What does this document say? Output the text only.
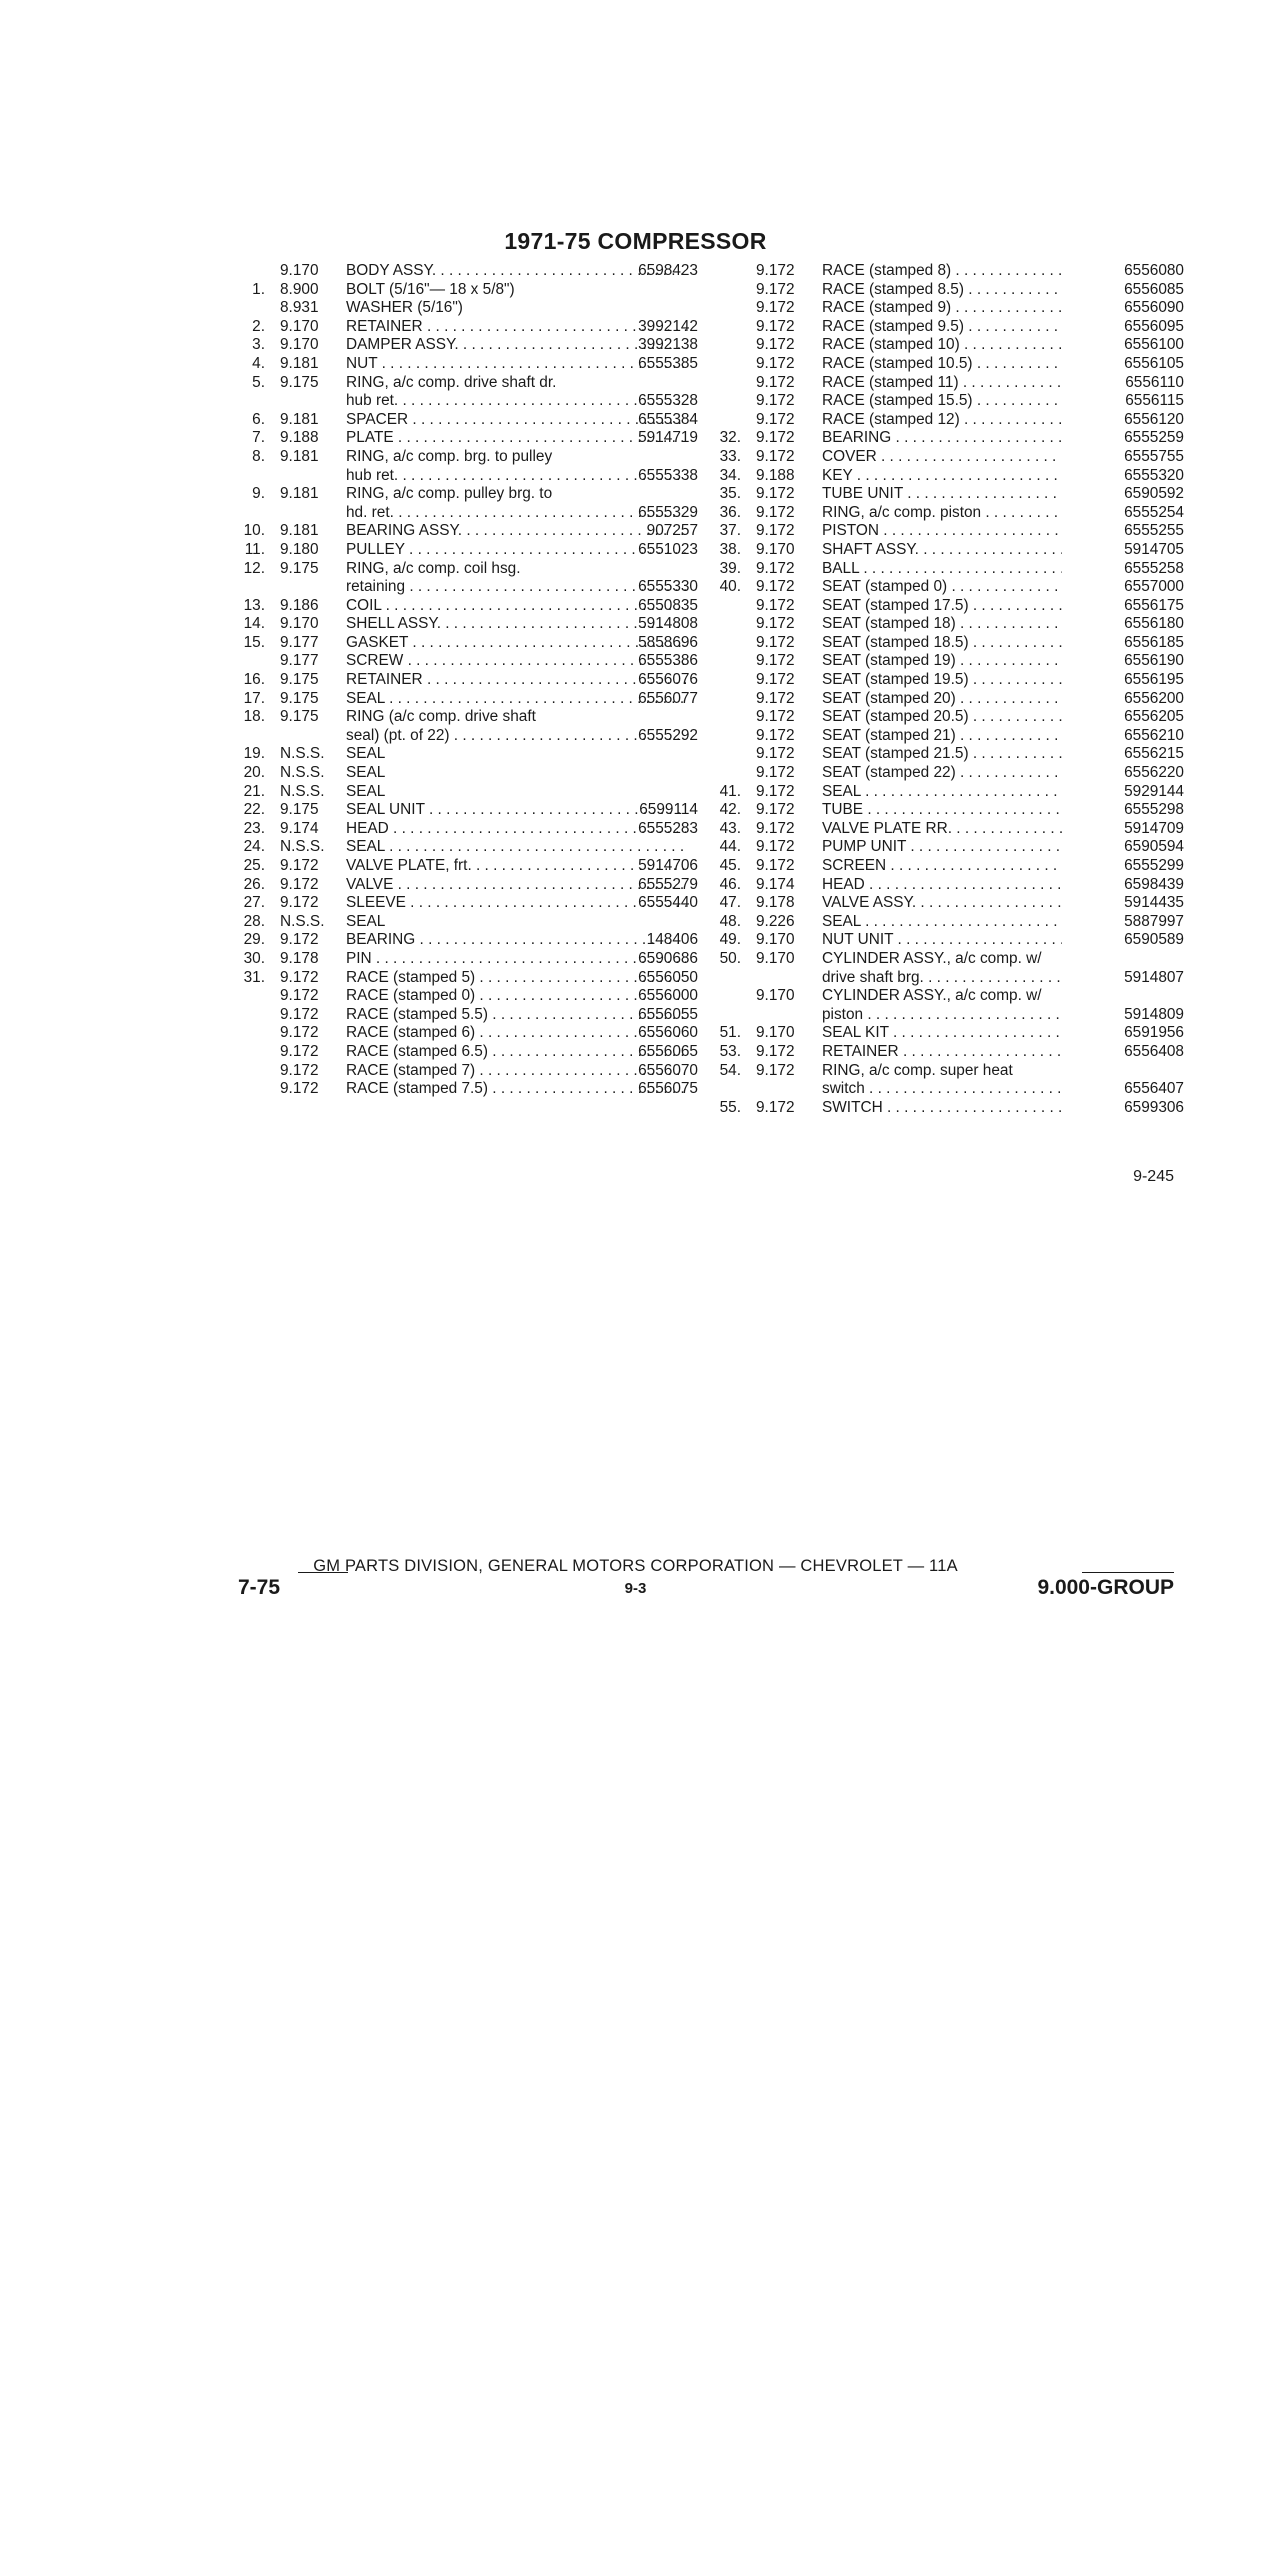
1971-75 COMPRESSOR
9.170 BODY ASSY. . . .	6598423
1. 8.900 BOLT (5/16"— 18 x 5/8")
8.931 WASHER (5/16")
2. 9.170 RETAINER . . .	3992142
3. 9.170 DAMPER ASSY. . . .	3992138
4. 9.181 NUT . . .	6555385
5. 9.175 RING, a/c comp. drive shaft dr.
hub ret. . . .	6555328
6. 9.181 SPACER . . .	6555384
7. 9.188 PLATE . . .	5914719
8. 9.181 RING, a/c comp. brg. to pulley
hub ret. . . .	6555338
9. 9.181 RING, a/c comp. pulley brg. to
hd. ret. . . .	6555329
10. 9.181 BEARING ASSY. . . .	907257
11. 9.180 PULLEY . . .	6551023
12. 9.175 RING, a/c comp. coil hsg.
retaining . . .	6555330
13. 9.186 COIL . . .	6550835
14. 9.170 SHELL ASSY. . . .	5914808
15. 9.177 GASKET . . .	5858696
9.177 SCREW . . .	6555386
16. 9.175 RETAINER . . .	6556076
17. 9.175 SEAL . . .	6556077
18. 9.175 RING (a/c comp. drive shaft
seal) (pt. of 22) . . .	6555292
19. N.S.S. SEAL
20. N.S.S. SEAL
21. N.S.S. SEAL
22. 9.175 SEAL UNIT . . .	6599114
23. 9.174 HEAD . . .	6555283
24. N.S.S. SEAL . . .
25. 9.172 VALVE PLATE, frt. . . .	5914706
26. 9.172 VALVE . . .	6555279
27. 9.172 SLEEVE . . .	6555440
28. N.S.S. SEAL
29. 9.172 BEARING . . .	148406
30. 9.178 PIN . . .	6590686
31. 9.172 RACE (stamped 5) . . .	6556050
9.172 RACE (stamped 0) . . .	6556000
9.172 RACE (stamped 5.5) . . .	6556055
9.172 RACE (stamped 6) . . .	6556060
9.172 RACE (stamped 6.5) . . .	6556065
9.172 RACE (stamped 7) . . .	6556070
9.172 RACE (stamped 7.5) . . .	6556075
9.172 RACE (stamped 8) . . .	6556080
9.172 RACE (stamped 8.5) . . .	6556085
9.172 RACE (stamped 9) . . .	6556090
9.172 RACE (stamped 9.5) . . .	6556095
9.172 RACE (stamped 10) . . .	6556100
9.172 RACE (stamped 10.5) . . .	6556105
9.172 RACE (stamped 11) . . .	6556110
9.172 RACE (stamped 15.5) . . .	6556115
9.172 RACE (stamped 12) . . .	6556120
32. 9.172 BEARING . . .	6555259
33. 9.172 COVER . . .	6555755
34. 9.188 KEY . . .	6555320
35. 9.172 TUBE UNIT . . .	6590592
36. 9.172 RING, a/c comp. piston . . .	6555254
37. 9.172 PISTON . . .	6555255
38. 9.170 SHAFT ASSY. . . .	5914705
39. 9.172 BALL . . .	6555258
40. 9.172 SEAT (stamped 0) . . .	6557000
9.172 SEAT (stamped 17.5) . . .	6556175
9.172 SEAT (stamped 18) . . .	6556180
9.172 SEAT (stamped 18.5) . . .	6556185
9.172 SEAT (stamped 19) . . .	6556190
9.172 SEAT (stamped 19.5) . . .	6556195
9.172 SEAT (stamped 20) . . .	6556200
9.172 SEAT (stamped 20.5) . . .	6556205
9.172 SEAT (stamped 21) . . .	6556210
9.172 SEAT (stamped 21.5) . . .	6556215
9.172 SEAT (stamped 22) . . .	6556220
41. 9.172 SEAL . . .	5929144
42. 9.172 TUBE . . .	6555298
43. 9.172 VALVE PLATE RR. . . .	5914709
44. 9.172 PUMP UNIT . . .	6590594
45. 9.172 SCREEN . . .	6555299
46. 9.174 HEAD . . .	6598439
47. 9.178 VALVE ASSY. . . .	5914435
48. 9.226 SEAL . . .	5887997
49. 9.170 NUT UNIT . . .	6590589
50. 9.170 CYLINDER ASSY., a/c comp. w/
drive shaft brg. . . .	5914807
9.170 CYLINDER ASSY., a/c comp. w/
piston . . .	5914809
51. 9.170 SEAL KIT . . .	6591956
53. 9.172 RETAINER . . .	6556408
54. 9.172 RING, a/c comp. super heat
switch . . .	6556407
55. 9.172 SWITCH . . .	6599306
9-245
GM PARTS DIVISION, GENERAL MOTORS CORPORATION — CHEVROLET — 11A
7-75	9-3	9.000-GROUP
